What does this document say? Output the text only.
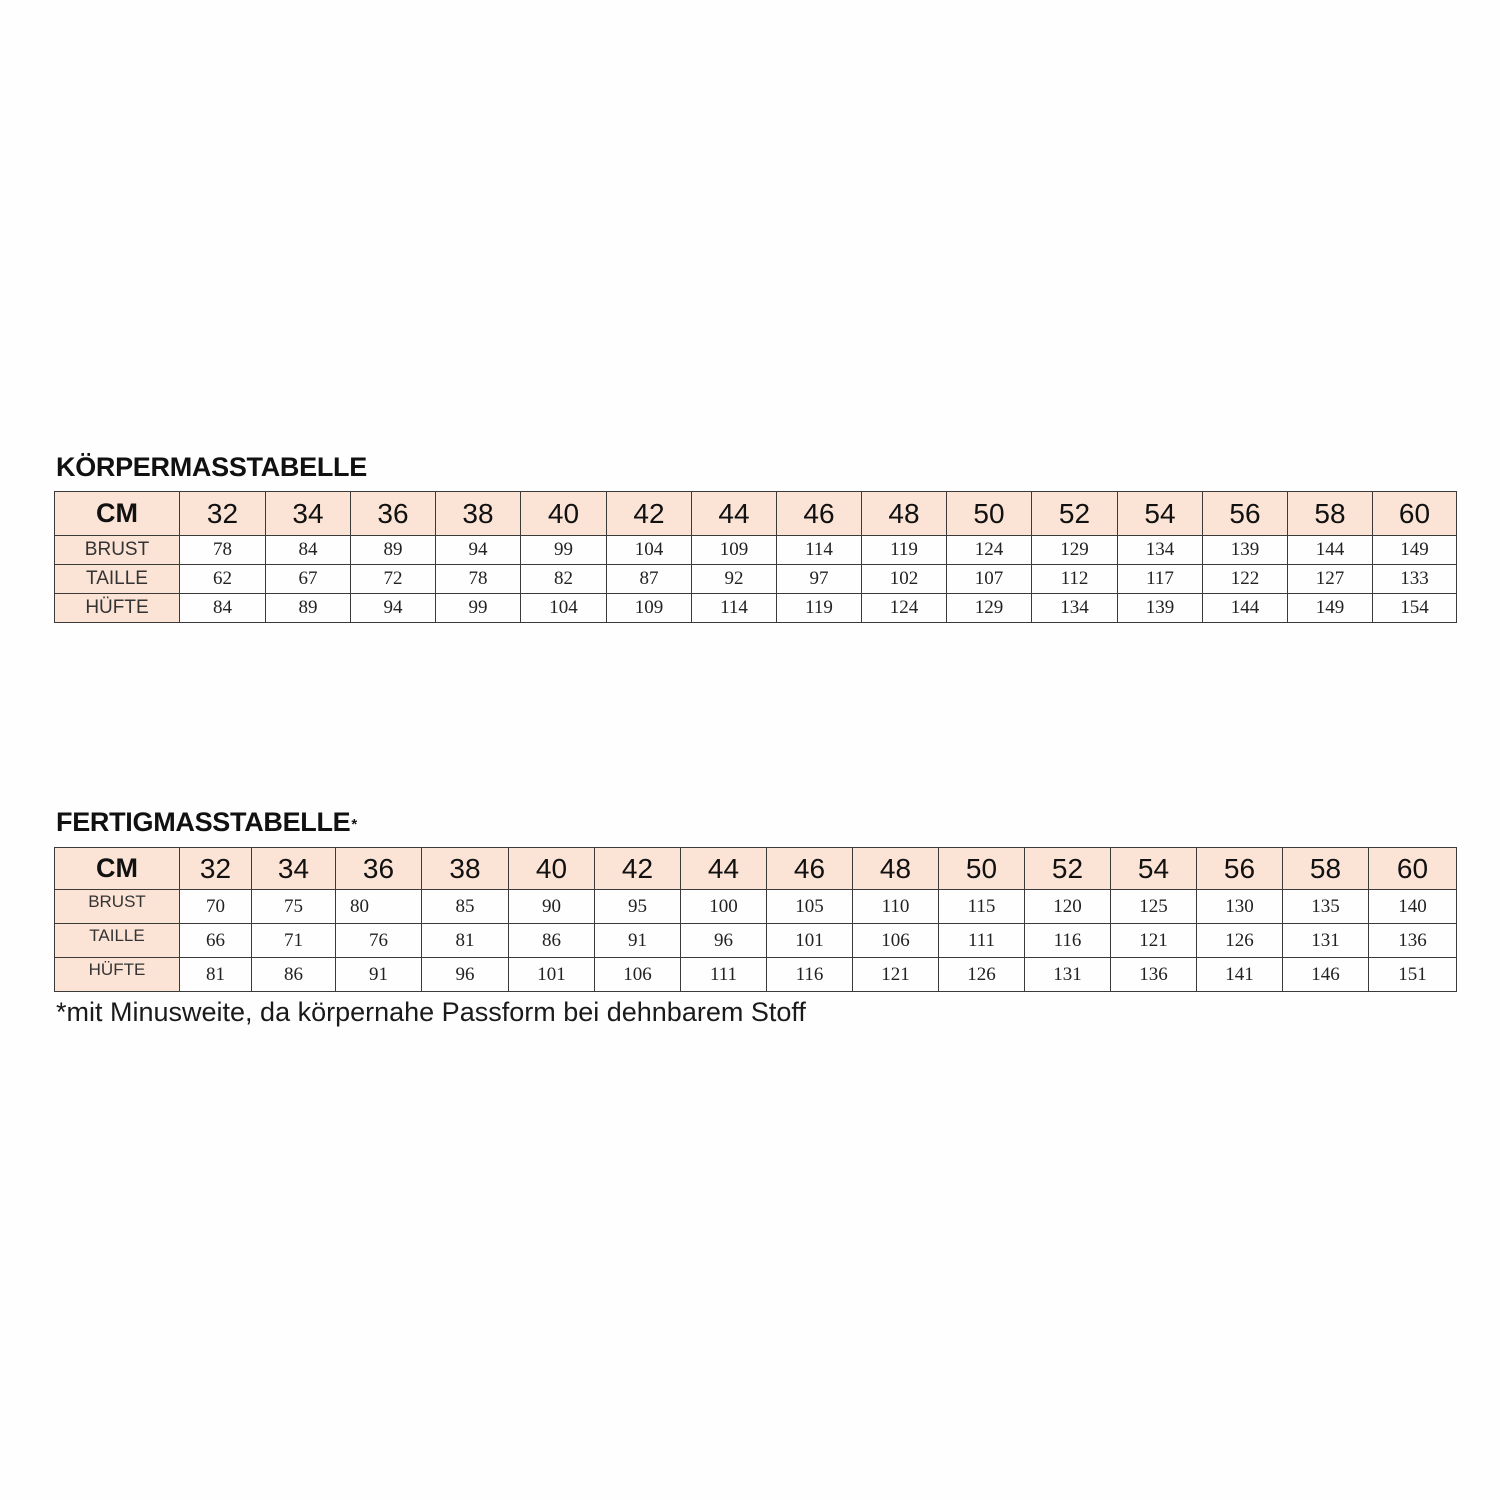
KÖRPERMASSTABELLE
CM	32	34	36	38	40	42	44	46	48	50	52	54	56	58	60
BRUST	78	84	89	94	99	104	109	114	119	124	129	134	139	144	149
TAILLE	62	67	72	78	82	87	92	97	102	107	112	117	122	127	133
HÜFTE	84	89	94	99	104	109	114	119	124	129	134	139	144	149	154
FERTIGMASSTABELLE*
CM	32	34	36	38	40	42	44	46	48	50	52	54	56	58	60
BRUST	70	75	80	85	90	95	100	105	110	115	120	125	130	135	140
TAILLE	66	71	76	81	86	91	96	101	106	111	116	121	126	131	136
HÜFTE	81	86	91	96	101	106	111	116	121	126	131	136	141	146	151

*mit Minusweite, da körpernahe Passform bei dehnbarem Stoff
